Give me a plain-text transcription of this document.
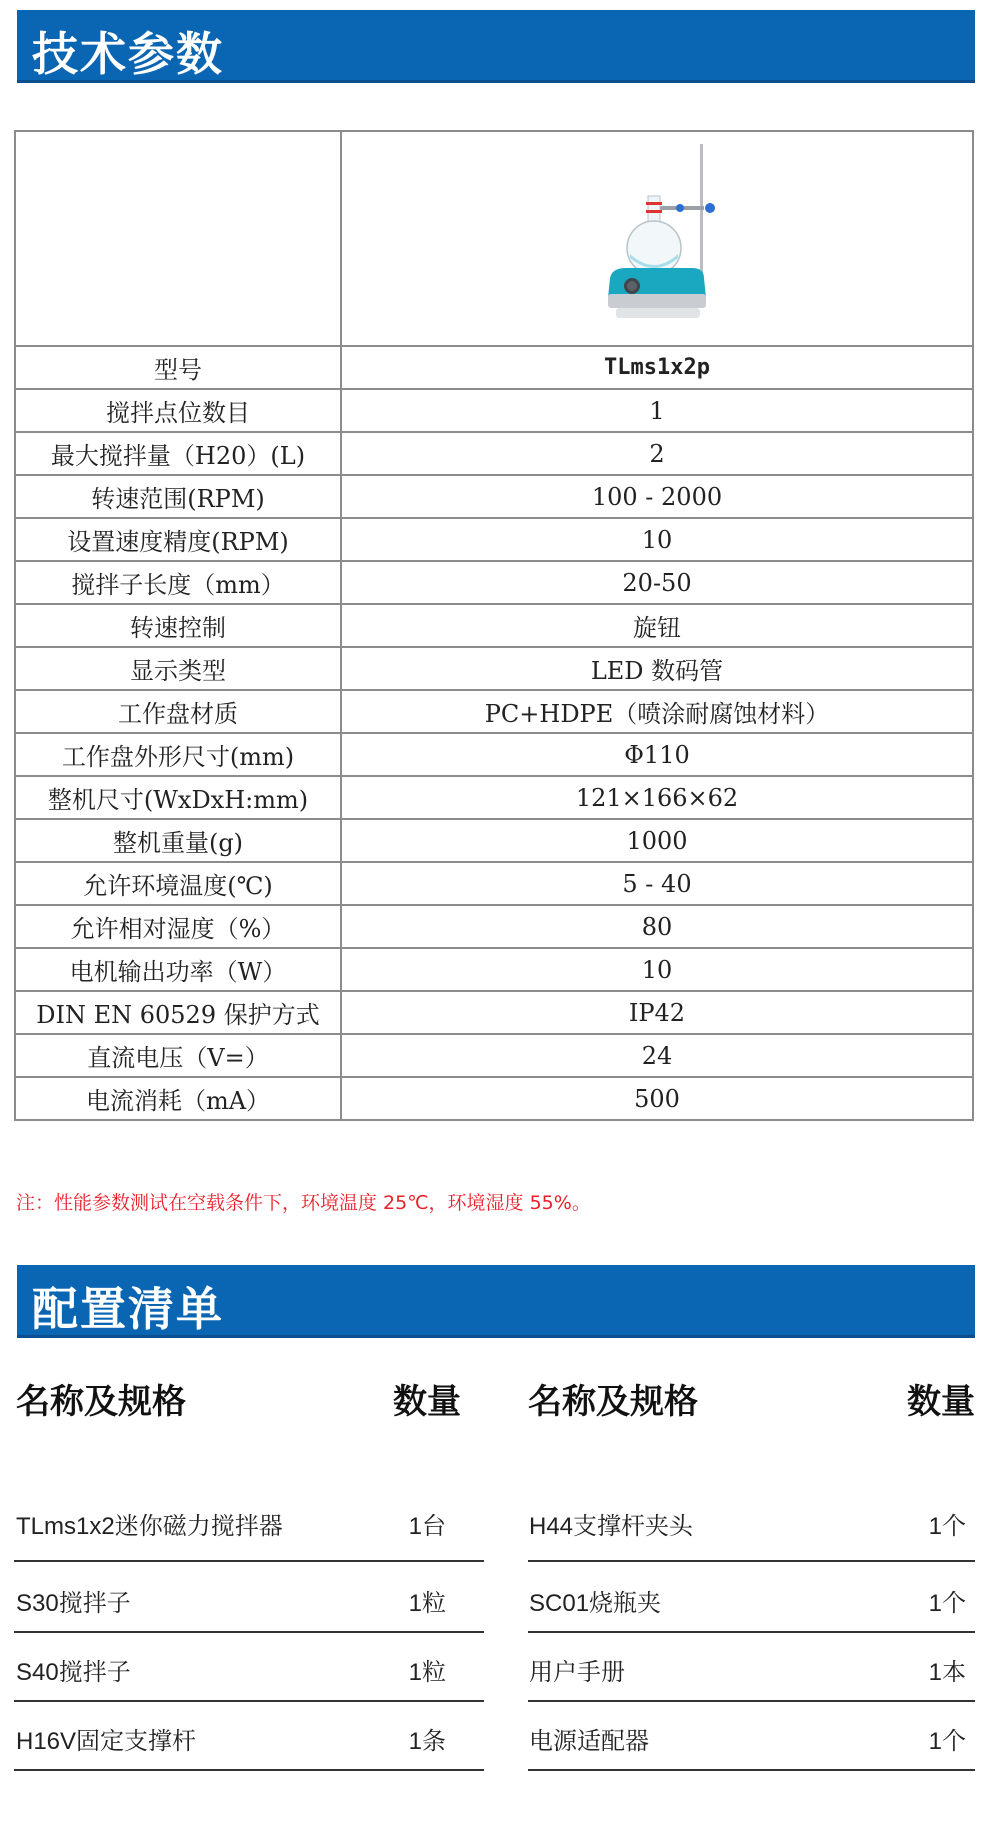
技术参数

型号	TLms1x2p
搅拌点位数目	1
最大搅拌量（H20）(L)	2
转速范围(RPM)	100 - 2000
设置速度精度(RPM)	10
搅拌子长度（mm）	20-50
转速控制	旋钮
显示类型	LED 数码管
工作盘材质	PC+HDPE（喷涂耐腐蚀材料）
工作盘外形尺寸(mm)	Φ110
整机尺寸(WxDxH:mm)	121×166×62
整机重量(g)	1000
允许环境温度(℃)	5 - 40
允许相对湿度（%）	80
电机输出功率（W）	10
DIN EN 60529 保护方式	IP42
直流电压（V=）	24
电流消耗（mA）	500
注：性能参数测试在空载条件下，环境温度 25℃，环境湿度 55%。
配置清单
名称及规格	数量 名称及规格	数量
TLms1x2迷你磁力搅拌器	1台
S30搅拌子	1粒
S40搅拌子	1粒
H16V固定支撑杆	1条
H44支撑杆夹头	1个
SC01烧瓶夹	1个
用户手册	1本
电源适配器	1个
